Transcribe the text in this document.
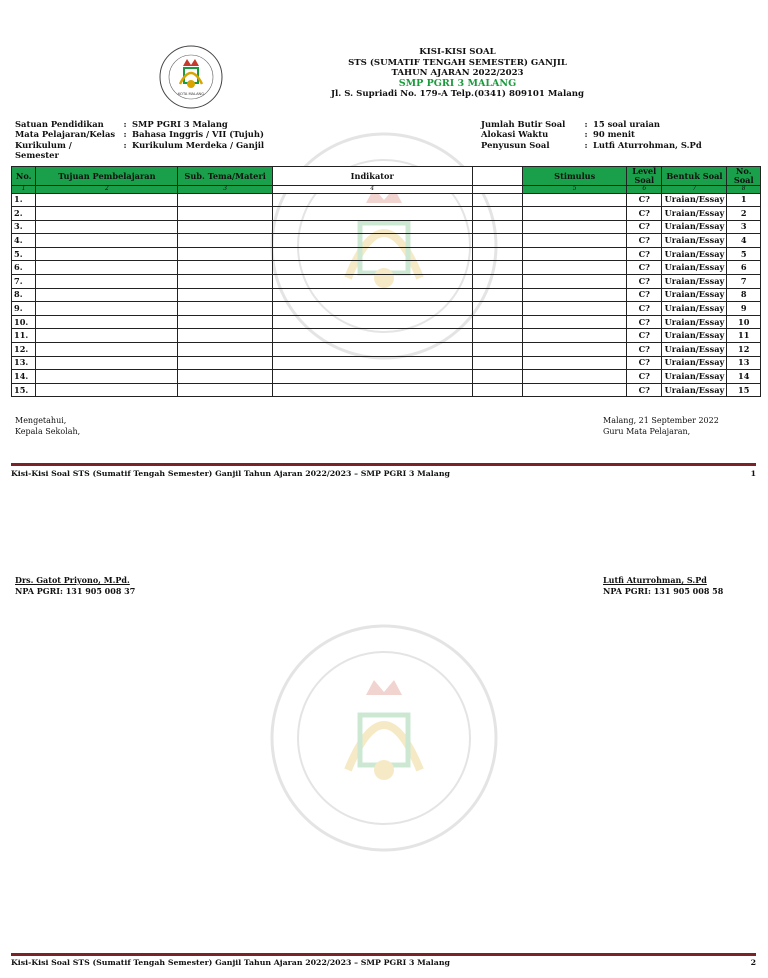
KOTA MALANG
KISI-KISI SOAL
STS (SUMATIF TENGAH SEMESTER) GANJIL
TAHUN AJARAN 2022/2023
SMP PGRI 3 MALANG
Jl. S. Supriadi No. 179-A Telp.(0341) 809101 Malang
Satuan Pendidikan	: SMP PGRI 3 Malang
Mata Pelajaran/Kelas : Bahasa Inggris / VII (Tujuh)
Kurikulum / Semester
: Kurikulum Merdeka / Ganjil
Jumlah Butir Soal	: 15 soal uraian
Alokasi Waktu	: 90 menit
Penyusun Soal	: Lutfi Aturrohman, S.Pd
No.	Tujuan Pembelajaran	Sub. Tema/Materi	Indikator		Stimulus	Level Soal	Bentuk Soal	No. Soal
1	2	3	4		5	6	7	8
1.						C?	Uraian/Essay	1
2.						C?	Uraian/Essay	2
3.						C?	Uraian/Essay	3
4.						C?	Uraian/Essay	4
5.						C?	Uraian/Essay	5
6.						C?	Uraian/Essay	6
7.						C?	Uraian/Essay	7
8.						C?	Uraian/Essay	8
9.						C?	Uraian/Essay	9
10.						C?	Uraian/Essay	10
11.						C?	Uraian/Essay	11
12.						C?	Uraian/Essay	12
13.						C?	Uraian/Essay	13
14.						C?	Uraian/Essay	14
15.						C?	Uraian/Essay	15
Mengetahui,
Kepala Sekolah,
Malang, 21 September 2022
Guru Mata Pelajaran,
Kisi-Kisi Soal STS (Sumatif Tengah Semester) Ganjil Tahun Ajaran 2022/2023 – SMP PGRI 3 Malang	1
Drs. Gatot Priyono, M.Pd.
NPA PGRI: 131 905 008 37
Lutfi Aturrohman, S.Pd
NPA PGRI: 131 905 008 58
Kisi-Kisi Soal STS (Sumatif Tengah Semester) Ganjil Tahun Ajaran 2022/2023 – SMP PGRI 3 Malang	2
